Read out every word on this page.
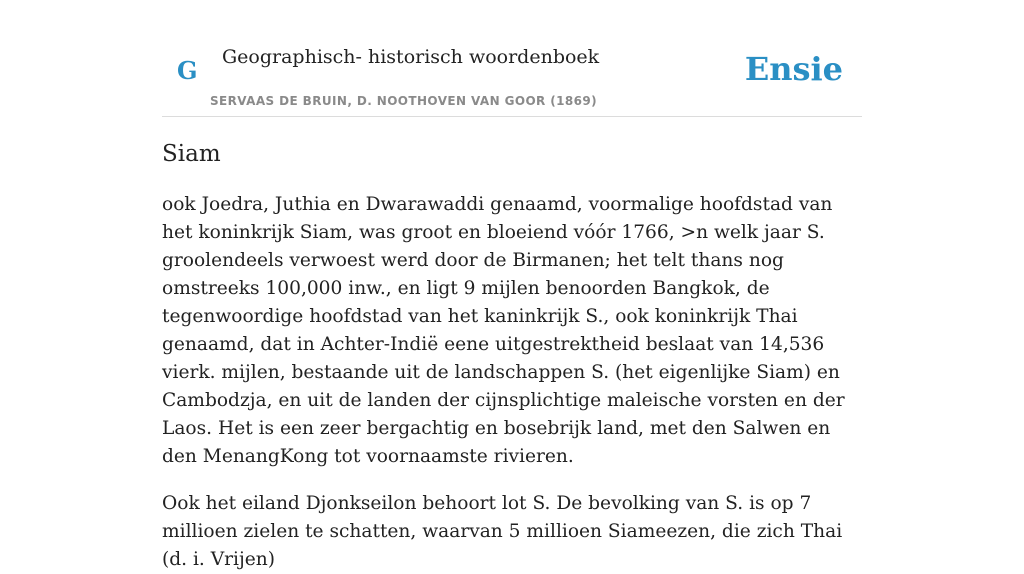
G Geographisch- historisch woordenboek
SERVAAS DE BRUIN, D. NOOTHOVEN VAN GOOR (1869)
Ensie
Siam

ook Joedra, Juthia en Dwarawaddi genaamd, voormalige hoofdstad van het koninkrijk Siam, was groot en bloeiend vóór 1766, >n welk jaar S. groolendeels verwoest werd door de Birmanen; het telt thans nog omstreeks 100,000 inw., en ligt 9 mijlen benoorden Bangkok, de tegenwoordige hoofdstad van het kaninkrijk S., ook koninkrijk Thai genaamd, dat in Achter-Indië eene uitgestrektheid beslaat van 14,536 vierk. mijlen, bestaande uit de landschappen S. (het eigenlijke Siam) en Cambodzja, en uit de landen der cijnsplichtige maleische vorsten en der Laos. Het is een zeer bergachtig en bosebrijk land, met den Salwen en den MenangKong tot voornaamste rivieren.

Ook het eiland Djonkseilon behoort lot S. De bevolking van S. is op 7 millioen zielen te schatten, waarvan 5 millioen Siameezen, die zich Thai (d. i. Vrijen)
